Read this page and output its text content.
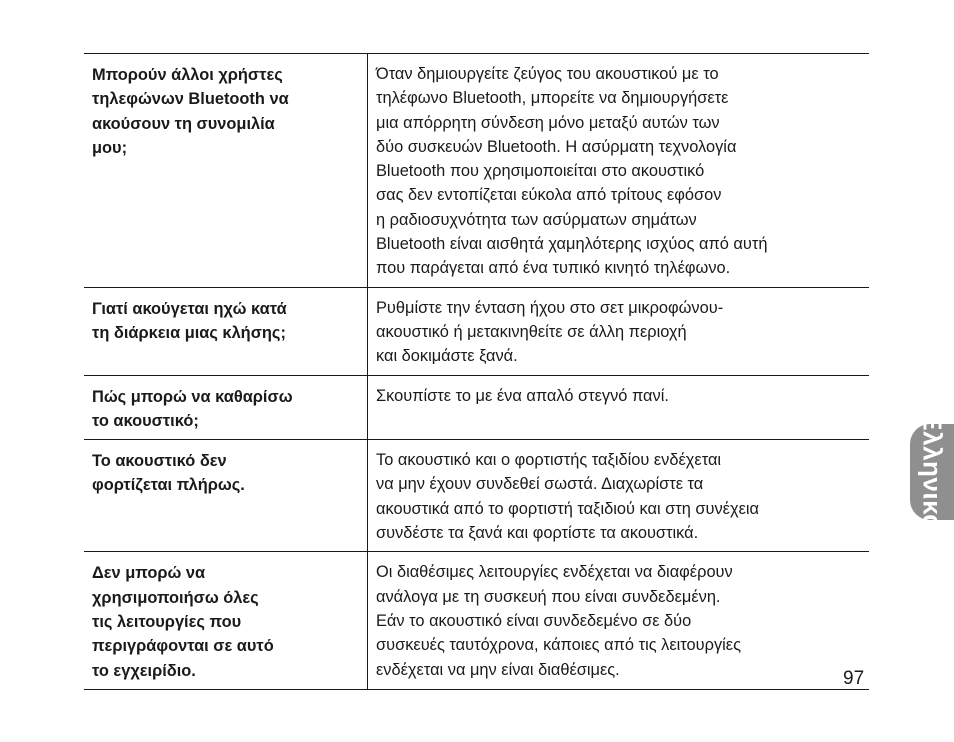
Μπορούν άλλοι χρήστες
τηλεφώνων Bluetooth να
ακούσουν τη συνομιλία
μου;
Όταν δημιουργείτε ζεύγος του ακουστικού με το
τηλέφωνο Bluetooth, μπορείτε να δημιουργήσετε
μια απόρρητη σύνδεση μόνο μεταξύ αυτών των
δύο συσκευών Bluetooth. Η ασύρματη τεχνολογία
Bluetooth που χρησιμοποιείται στο ακουστικό
σας δεν εντοπίζεται εύκολα από τρίτους εφόσον
η ραδιοσυχνότητα των ασύρματων σημάτων
Bluetooth είναι αισθητά χαμηλότερης ισχύος από αυτή
που παράγεται από ένα τυπικό κινητό τηλέφωνο.
Γιατί ακούγεται ηχώ κατά
τη διάρκεια μιας κλήσης;
Ρυθμίστε την ένταση ήχου στο σετ μικροφώνου-
ακουστικό ή μετακινηθείτε σε άλλη περιοχή
και δοκιμάστε ξανά.
Πώς μπορώ να καθαρίσω
το ακουστικό;
Σκουπίστε το με ένα απαλό στεγνό πανί.
Το ακουστικό δεν
φορτίζεται πλήρως.
Το ακουστικό και ο φορτιστής ταξιδίου ενδέχεται
να μην έχουν συνδεθεί σωστά. Διαχωρίστε τα
ακουστικά από το φορτιστή ταξιδιού και στη συνέχεια
συνδέστε τα ξανά και φορτίστε τα ακουστικά.
Δεν μπορώ να
χρησιμοποιήσω όλες
τις λειτουργίες που
περιγράφονται σε αυτό
το εγχειρίδιο.
Οι διαθέσιμες λειτουργίες ενδέχεται να διαφέρουν
ανάλογα με τη συσκευή που είναι συνδεδεμένη.
Εάν το ακουστικό είναι συνδεδεμένο σε δύο
συσκευές ταυτόχρονα, κάποιες από τις λειτουργίες
ενδέχεται να μην είναι διαθέσιμες.
Ελληνικά
97
